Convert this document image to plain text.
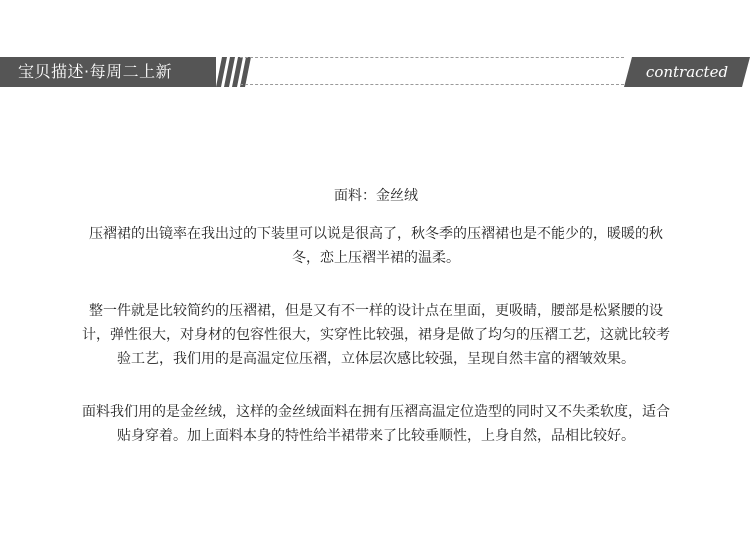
宝贝描述·每周二上新	contracted

面料：金丝绒

压褶裙的出镜率在我出过的下装里可以说是很高了，秋冬季的压褶裙也是不能少的，暖暖的秋冬，恋上压褶半裙的温柔。

整一件就是比较简约的压褶裙，但是又有不一样的设计点在里面，更吸睛，腰部是松紧腰的设计，弹性很大，对身材的包容性很大，实穿性比较强，裙身是做了均匀的压褶工艺，这就比较考验工艺，我们用的是高温定位压褶，立体层次感比较强，呈现自然丰富的褶皱效果。

面料我们用的是金丝绒，这样的金丝绒面料在拥有压褶高温定位造型的同时又不失柔软度，适合贴身穿着。加上面料本身的特性给半裙带来了比较垂顺性，上身自然，品相比较好。
